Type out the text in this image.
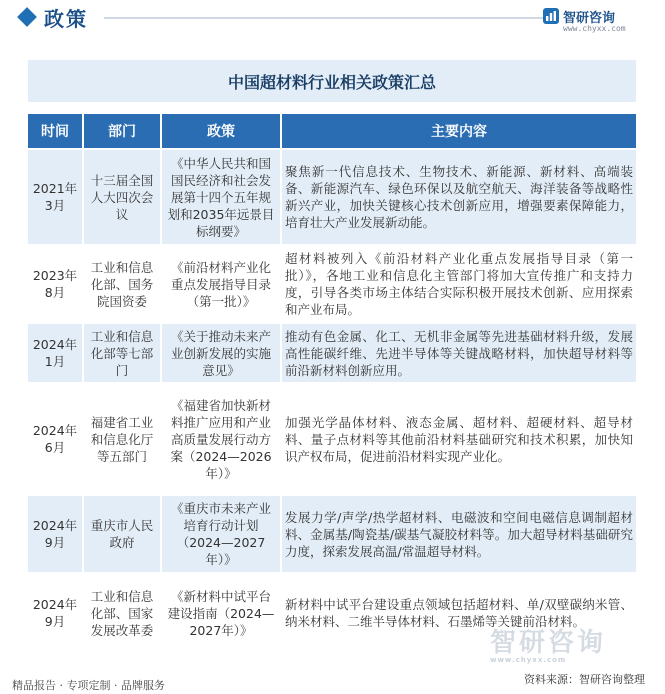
政策	智研咨询
www.chyxx.com
中国超材料行业相关政策汇总
时间	部门	政策	主要内容
2021年3月	十三届全国人大四次会议	《中华人民共和国国民经济和社会发展第十四个五年规划和2035年远景目标纲要》	聚焦新一代信息技术、生物技术、新能源、新材料、高端装备、新能源汽车、绿色环保以及航空航天、海洋装备等战略性新兴产业，加快关键核心技术创新应用，增强要素保障能力，培育壮大产业发展新动能。
2023年8月	工业和信息化部、国务院国资委	《前沿材料产业化重点发展指导目录（第一批）》	超材料被列入《前沿材料产业化重点发展指导目录（第一批）》，各地工业和信息化主管部门将加大宣传推广和支持力度，引导各类市场主体结合实际积极开展技术创新、应用探索和产业布局。
2024年1月	工业和信息化部等七部门	《关于推动未来产业创新发展的实施意见》	推动有色金属、化工、无机非金属等先进基础材料升级，发展高性能碳纤维、先进半导体等关键战略材料，加快超导材料等前沿新材料创新应用。
2024年6月	福建省工业和信息化厅等五部门	《福建省加快新材料推广应用和产业高质量发展行动方案（2024—2026年）》	加强光学晶体材料、液态金属、超材料、超硬材料、超导材料、量子点材料等其他前沿材料基础研究和技术积累，加快知识产权布局，促进前沿材料实现产业化。
2024年9月	重庆市人民政府	《重庆市未来产业培育行动计划（2024—2027年）》	发展力学/声学/热学超材料、电磁波和空间电磁信息调制超材料、金属基/陶瓷基/碳基气凝胶材料等。加大超导材料基础研究力度，探索发展高温/常温超导材料。
2024年9月	工业和信息化部、国家发展改革委	《新材料中试平台建设指南（2024—2027年）》	新材料中试平台建设重点领域包括超材料、单/双壁碳纳米管、纳米材料、二维半导体材料、石墨烯等关键前沿材料。
智研咨询
www.chyxx.com
精品报告 · 专项定制 · 品牌服务	资料来源：智研咨询整理
